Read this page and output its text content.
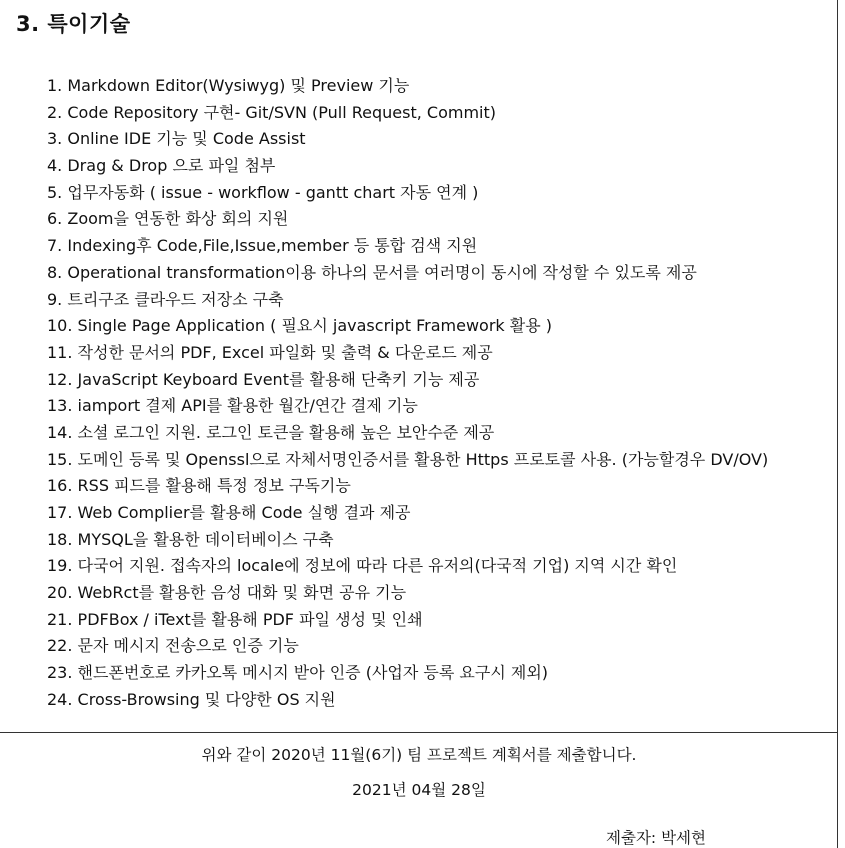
3. 특이기술
1. Markdown Editor(Wysiwyg) 및 Preview 기능
2. Code Repository 구현- Git/SVN (Pull Request, Commit)
3. Online IDE 기능 및 Code Assist
4. Drag & Drop 으로 파일 첨부
5. 업무자동화 ( issue - workflow - gantt chart 자동 연계 )
6. Zoom을 연동한 화상 회의 지원
7. Indexing후 Code,File,Issue,member 등 통합 검색 지원
8. Operational transformation이용 하나의 문서를 여러명이 동시에 작성할 수 있도록 제공
9. 트리구조 클라우드 저장소 구축
10. Single Page Application ( 필요시 javascript Framework 활용 )
11. 작성한 문서의 PDF, Excel 파일화 및 출력 & 다운로드 제공
12. JavaScript Keyboard Event를 활용해 단축키 기능 제공
13. iamport 결제 API를 활용한 월간/연간 결제 기능
14. 소셜 로그인 지원. 로그인 토큰을 활용해 높은 보안수준 제공
15. 도메인 등록 및 Openssl으로 자체서명인증서를 활용한 Https 프로토콜 사용. (가능할경우 DV/OV)
16. RSS 피드를 활용해 특정 정보 구독기능
17. Web Complier를 활용해 Code 실행 결과 제공
18. MYSQL을 활용한 데이터베이스 구축
19. 다국어 지원. 접속자의 locale에 정보에 따라 다른 유저의(다국적 기업) 지역 시간 확인
20. WebRct를 활용한 음성 대화 및 화면 공유 기능
21. PDFBox / iText를 활용해 PDF 파일 생성 및 인쇄
22. 문자 메시지 전송으로 인증 기능
23. 핸드폰번호로 카카오톡 메시지 받아 인증 (사업자 등록 요구시 제외)
24. Cross-Browsing 및 다양한 OS 지원
위와 같이 2020년 11월(6기) 팀 프로젝트 계획서를 제출합니다.
2021년 04월 28일
제출자: 박세현
